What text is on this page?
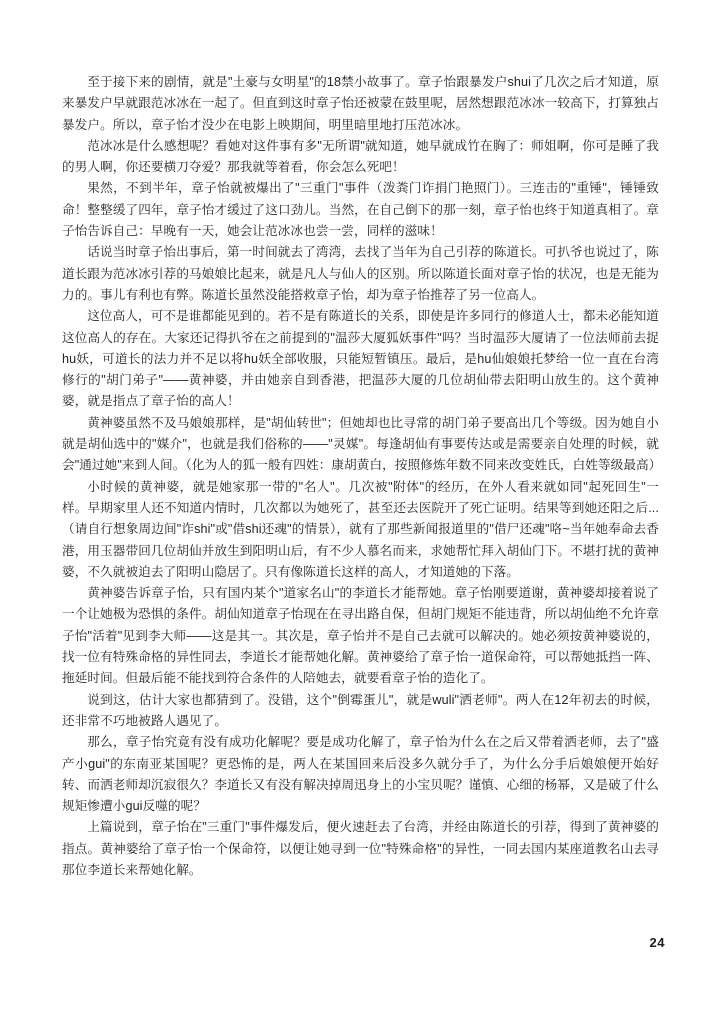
至于接下来的剧情，就是"土豪与女明星"的18禁小故事了。章子怡跟暴发户shui了几次之后才知道，原来暴发户早就跟范冰冰在一起了。但直到这时章子怡还被蒙在鼓里呢，居然想跟范冰冰一较高下，打算独占暴发户。所以，章子怡才没少在电影上映期间，明里暗里地打压范冰冰。

范冰冰是什么感想呢？看她对这件事有多"无所谓"就知道，她早就成竹在胸了：师姐啊，你可是睡了我的男人啊，你还要横刀夺爱？那我就等着看，你会怎么死吧！

果然，不到半年，章子怡就被爆出了"三重门"事件（泼粪门诈捐门艳照门）。三连击的"重锤"，锤锤致命！整整缓了四年，章子怡才缓过了这口劲儿。当然，在自己倒下的那一刻，章子怡也终于知道真相了。章子怡告诉自己：早晚有一天，她会让范冰冰也尝一尝，同样的滋味！

话说当时章子怡出事后，第一时间就去了湾湾，去找了当年为自己引荐的陈道长。可扒爷也说过了，陈道长跟为范冰冰引荐的马娘娘比起来，就是凡人与仙人的区别。所以陈道长面对章子怡的状况，也是无能为力的。事儿有利也有弊。陈道长虽然没能搭救章子怡，却为章子怡推荐了另一位高人。

这位高人，可不是谁都能见到的。若不是有陈道长的关系，即使是许多同行的修道人士，都未必能知道这位高人的存在。大家还记得扒爷在之前提到的"温莎大厦狐妖事件"吗？当时温莎大厦请了一位法师前去捉hu妖，可道长的法力并不足以将hu妖全部收服，只能短暂镇压。最后，是hu仙娘娘托梦给一位一直在台湾修行的"胡门弟子"——黄神婆，并由她亲自到香港，把温莎大厦的几位胡仙带去阳明山放生的。这个黄神婆，就是指点了章子怡的高人！

黄神婆虽然不及马娘娘那样，是"胡仙转世"；但她却也比寻常的胡门弟子要高出几个等级。因为她自小就是胡仙选中的"媒介"，也就是我们俗称的——"灵媒"。每逢胡仙有事要传达或是需要亲自处理的时候，就会"通过她"来到人间。（化为人的狐一般有四姓：康胡黄白，按照修炼年数不同来改变姓氏，白姓等级最高）

小时候的黄神婆，就是她家那一带的"名人"。几次被"附体"的经历，在外人看来就如同"起死回生"一样。早期家里人还不知道内情时，几次都以为她死了，甚至还去医院开了死亡证明。结果等到她还阳之后...（请自行想象周边间"诈shi"或"借shi还魂"的情景），就有了那些新闻报道里的"借尸还魂"咯~当年她奉命去香港，用玉器带回几位胡仙并放生到阳明山后，有不少人慕名而来，求她帮忙拜入胡仙门下。不堪打扰的黄神婆，不久就被迫去了阳明山隐居了。只有像陈道长这样的高人，才知道她的下落。

黄神婆告诉章子怡，只有国内某个"道家名山"的李道长才能帮她。章子怡刚要道谢，黄神婆却接着说了一个让她极为恐惧的条件。胡仙知道章子怡现在在寻出路自保，但胡门规矩不能违背，所以胡仙绝不允许章子怡"活着"见到李大师——这是其一。其次是，章子怡并不是自己去就可以解决的。她必须按黄神婆说的，找一位有特殊命格的异性同去，李道长才能帮她化解。黄神婆给了章子怡一道保命符，可以帮她抵挡一阵、拖延时间。但最后能不能找到符合条件的人陪她去，就要看章子怡的造化了。

说到这，估计大家也都猜到了。没错，这个"倒霉蛋儿"，就是wuli"洒老师"。两人在12年初去的时候，还非常不巧地被路人遇见了。

那么，章子怡究竟有没有成功化解呢？要是成功化解了，章子怡为什么在之后又带着洒老师，去了"盛产小gui"的东南亚某国呢？更恐怖的是，两人在某国回来后没多久就分手了，为什么分手后娘娘便开始好转、而洒老师却沉寂很久？李道长又有没有解决掉周迅身上的小宝贝呢？谨慎、心细的杨幂，又是破了什么规矩惨遭小gui反噬的呢？

上篇说到，章子怡在"三重门"事件爆发后，便火速赶去了台湾，并经由陈道长的引荐，得到了黄神婆的指点。黄神婆给了章子怡一个保命符，以便让她寻到一位"特殊命格"的异性，一同去国内某座道教名山去寻那位李道长来帮她化解。

24
